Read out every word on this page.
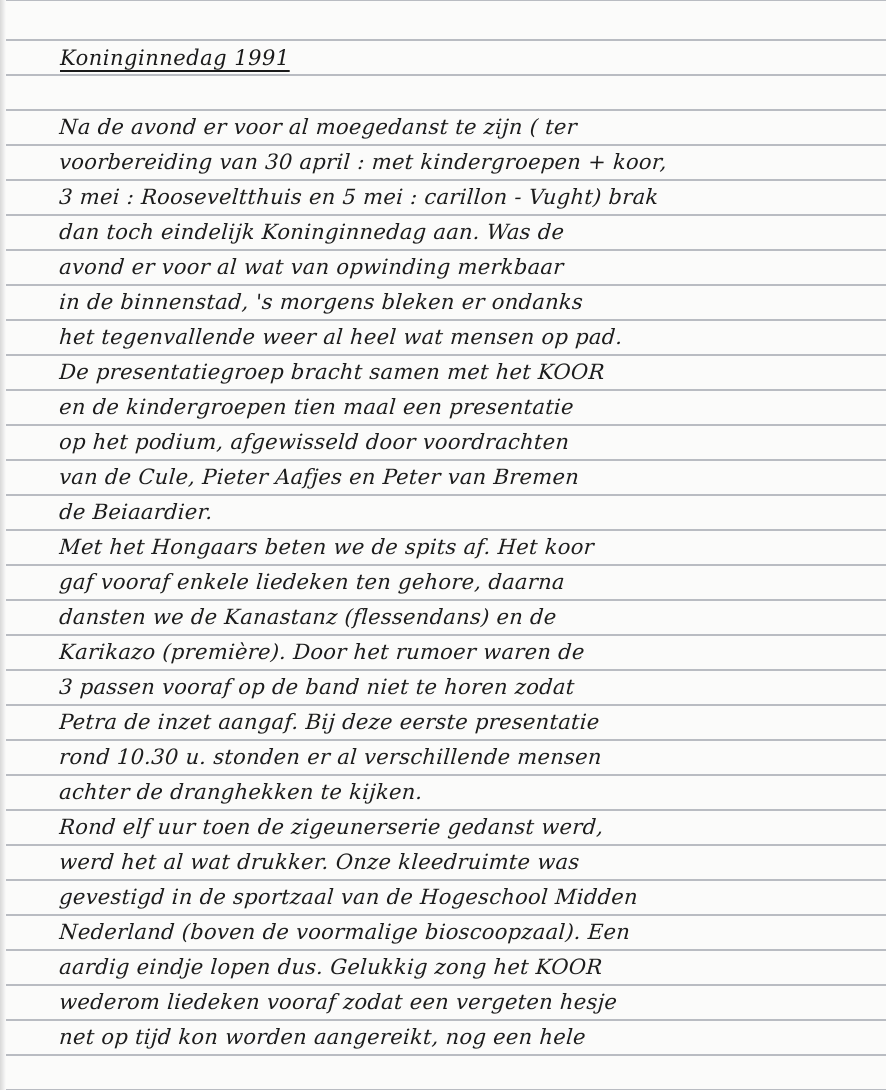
Koninginnedag 1991
Na de avond er voor al moegedanst te zijn ( ter
voorbereiding van 30 april : met kindergroepen + koor,
3 mei : Rooseveltthuis en 5 mei : carillon - Vught) brak
dan toch eindelijk Koninginnedag aan. Was de
avond er voor al wat van opwinding merkbaar
in de binnenstad, 's morgens bleken er ondanks
het tegenvallende weer al heel wat mensen op pad.
De presentatiegroep bracht samen met het KOOR
en de kindergroepen tien maal een presentatie
op het podium, afgewisseld door voordrachten
van de Cule, Pieter Aafjes en Peter van Bremen
de Beiaardier.
Met het Hongaars beten we de spits af. Het koor
gaf vooraf enkele liedeken ten gehore, daarna
dansten we de Kanastanz (flessendans) en de
Karikazo (première). Door het rumoer waren de
3 passen vooraf op de band niet te horen zodat
Petra de inzet aangaf. Bij deze eerste presentatie
rond 10.30 u. stonden er al verschillende mensen
achter de dranghekken te kijken.
Rond elf uur toen de zigeunerserie gedanst werd,
werd het al wat drukker. Onze kleedruimte was
gevestigd in de sportzaal van de Hogeschool Midden
Nederland (boven de voormalige bioscoopzaal). Een
aardig eindje lopen dus. Gelukkig zong het KOOR
wederom liedeken vooraf zodat een vergeten hesje
net op tijd kon worden aangereikt, nog een hele
